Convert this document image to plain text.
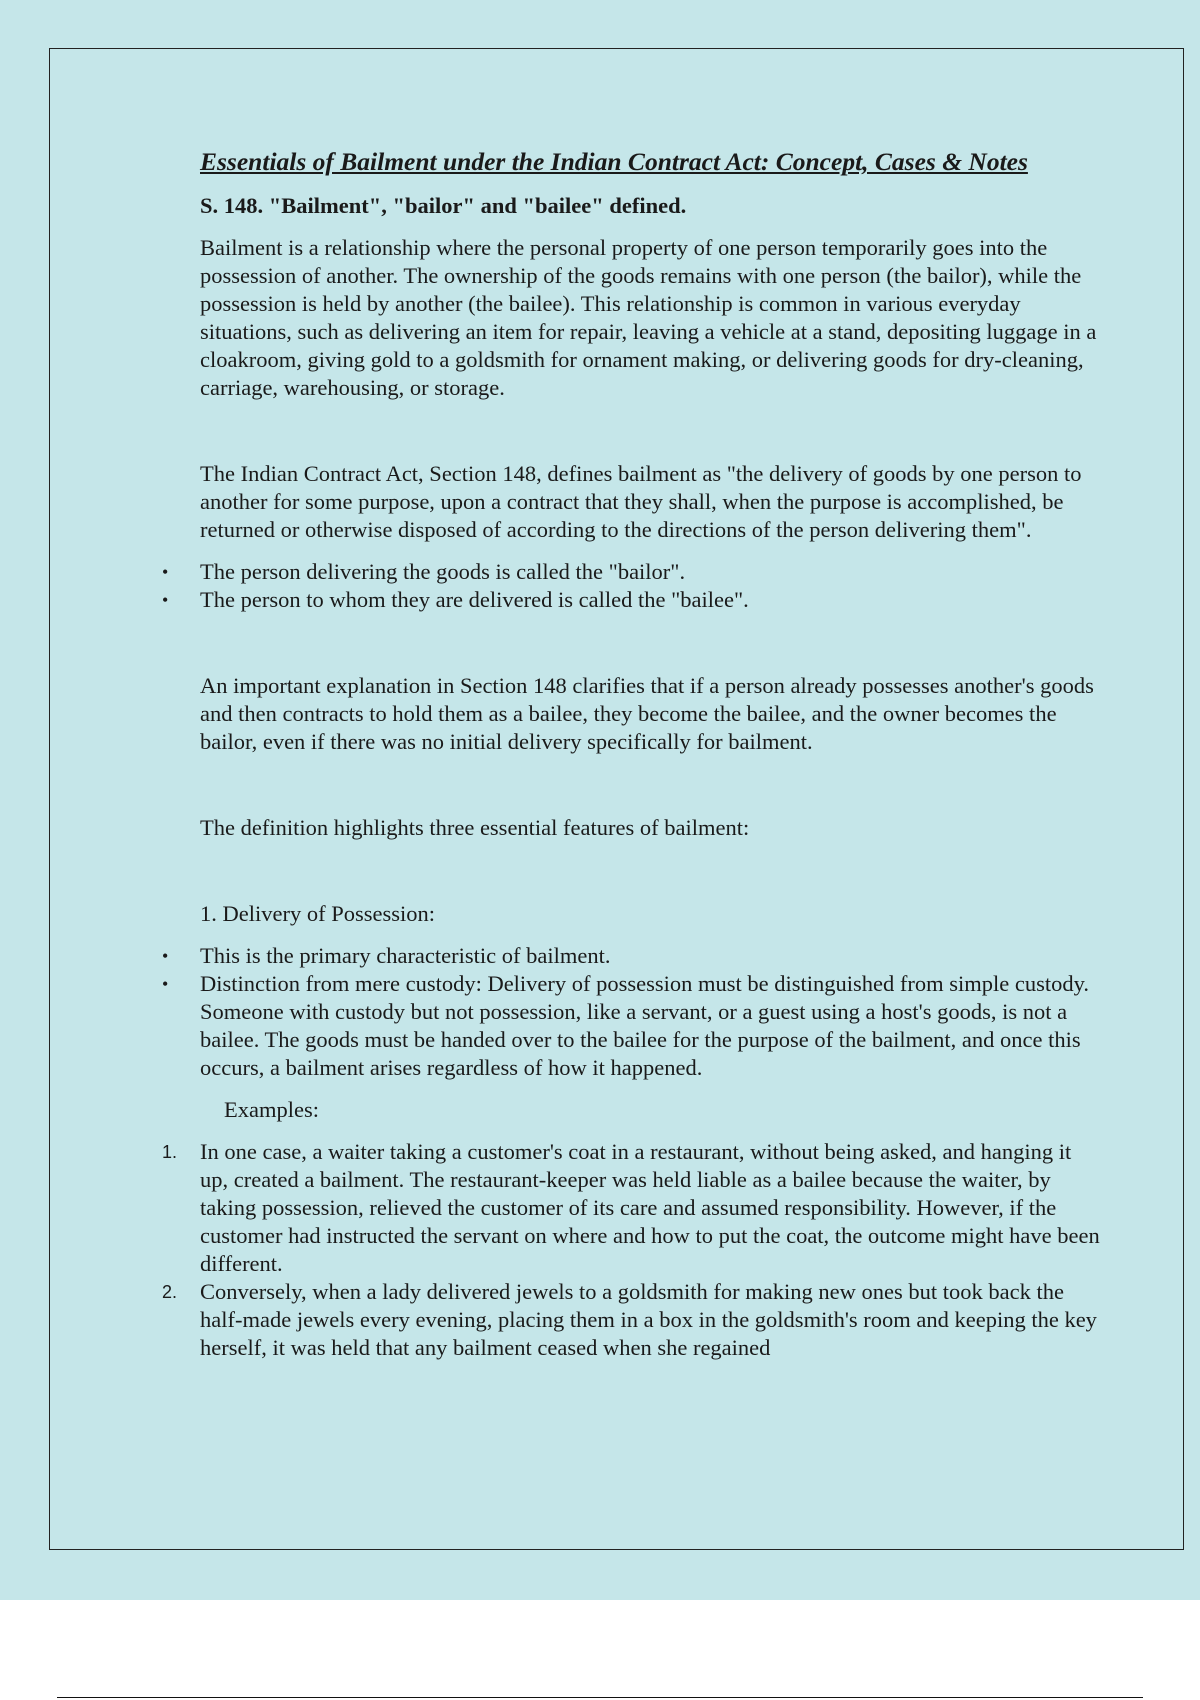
Essentials of Bailment under the Indian Contract Act: Concept, Cases & Notes
S. 148. "Bailment", "bailor" and "bailee" defined.

Bailment is a relationship where the personal property of one person temporarily goes into the possession of another. The ownership of the goods remains with one person (the bailor), while the possession is held by another (the bailee). This relationship is common in various everyday situations, such as delivering an item for repair, leaving a vehicle at a stand, depositing luggage in a cloakroom, giving gold to a goldsmith for ornament making, or delivering goods for dry-cleaning, carriage, warehousing, or storage.

The Indian Contract Act, Section 148, defines bailment as "the delivery of goods by one person to another for some purpose, upon a contract that they shall, when the purpose is accomplished, be returned or otherwise disposed of according to the directions of the person delivering them".

• The person delivering the goods is called the "bailor".
• The person to whom they are delivered is called the "bailee".

An important explanation in Section 148 clarifies that if a person already possesses another's goods and then contracts to hold them as a bailee, they become the bailee, and the owner becomes the bailor, even if there was no initial delivery specifically for bailment.

The definition highlights three essential features of bailment:

1. Delivery of Possession:

• This is the primary characteristic of bailment.
• Distinction from mere custody: Delivery of possession must be distinguished from simple custody. Someone with custody but not possession, like a servant, or a guest using a host's goods, is not a bailee. The goods must be handed over to the bailee for the purpose of the bailment, and once this occurs, a bailment arises regardless of how it happened.

Examples:

1. In one case, a waiter taking a customer's coat in a restaurant, without being asked, and hanging it up, created a bailment. The restaurant-keeper was held liable as a bailee because the waiter, by taking possession, relieved the customer of its care and assumed responsibility. However, if the customer had instructed the servant on where and how to put the coat, the outcome might have been different.
2. Conversely, when a lady delivered jewels to a goldsmith for making new ones but took back the half-made jewels every evening, placing them in a box in the goldsmith's room and keeping the key herself, it was held that any bailment ceased when she regained
